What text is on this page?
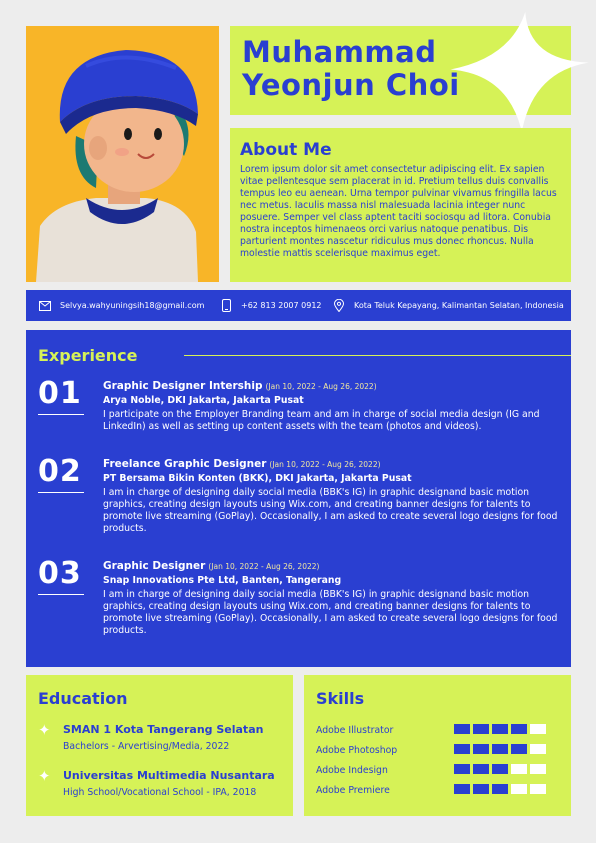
Muhammad
Yeonjun Choi
About Me
Lorem ipsum dolor sit amet consectetur adipiscing elit. Ex sapien vitae pellentesque sem placerat in id. Pretium tellus duis convallis tempus leo eu aenean. Urna tempor pulvinar vivamus fringilla lacus nec metus. Iaculis massa nisl malesuada lacinia integer nunc posuere. Semper vel class aptent taciti sociosqu ad litora. Conubia nostra inceptos himenaeos orci varius natoque penatibus. Dis parturient montes nascetur ridiculus mus donec rhoncus. Nulla molestie mattis scelerisque maximus eget.
Selvya.wahyuningsih18@gmail.com	+62 813 2007 0912	Kota Teluk Kepayang, Kalimantan Selatan, Indonesia
Experience
01 Graphic Designer Intership (Jan 10, 2022 - Aug 26, 2022)
Arya Noble, DKI Jakarta, Jakarta Pusat
I participate on the Employer Branding team and am in charge of social media design (IG and LinkedIn) as well as setting up content assets with the team (photos and videos).
02 Freelance Graphic Designer (Jan 10, 2022 - Aug 26, 2022)
PT Bersama Bikin Konten (BKK), DKI Jakarta, Jakarta Pusat
I am in charge of designing daily social media (BBK's IG) in graphic designand basic motion graphics, creating design layouts using Wix.com, and creating banner designs for talents to promote live streaming (GoPlay). Occasionally, I am asked to create several logo designs for food products.
03 Graphic Designer (Jan 10, 2022 - Aug 26, 2022)
Snap Innovations Pte Ltd, Banten, Tangerang
I am in charge of designing daily social media (BBK's IG) in graphic designand basic motion graphics, creating design layouts using Wix.com, and creating banner designs for talents to promote live streaming (GoPlay). Occasionally, I am asked to create several logo designs for food products.
Education
✦ SMAN 1 Kota Tangerang Selatan
Bachelors - Arvertising/Media, 2022
✦ Universitas Multimedia Nusantara
High School/Vocational School - IPA, 2018
Skills
Adobe Illustrator
Adobe Photoshop
Adobe Indesign
Adobe Premiere
